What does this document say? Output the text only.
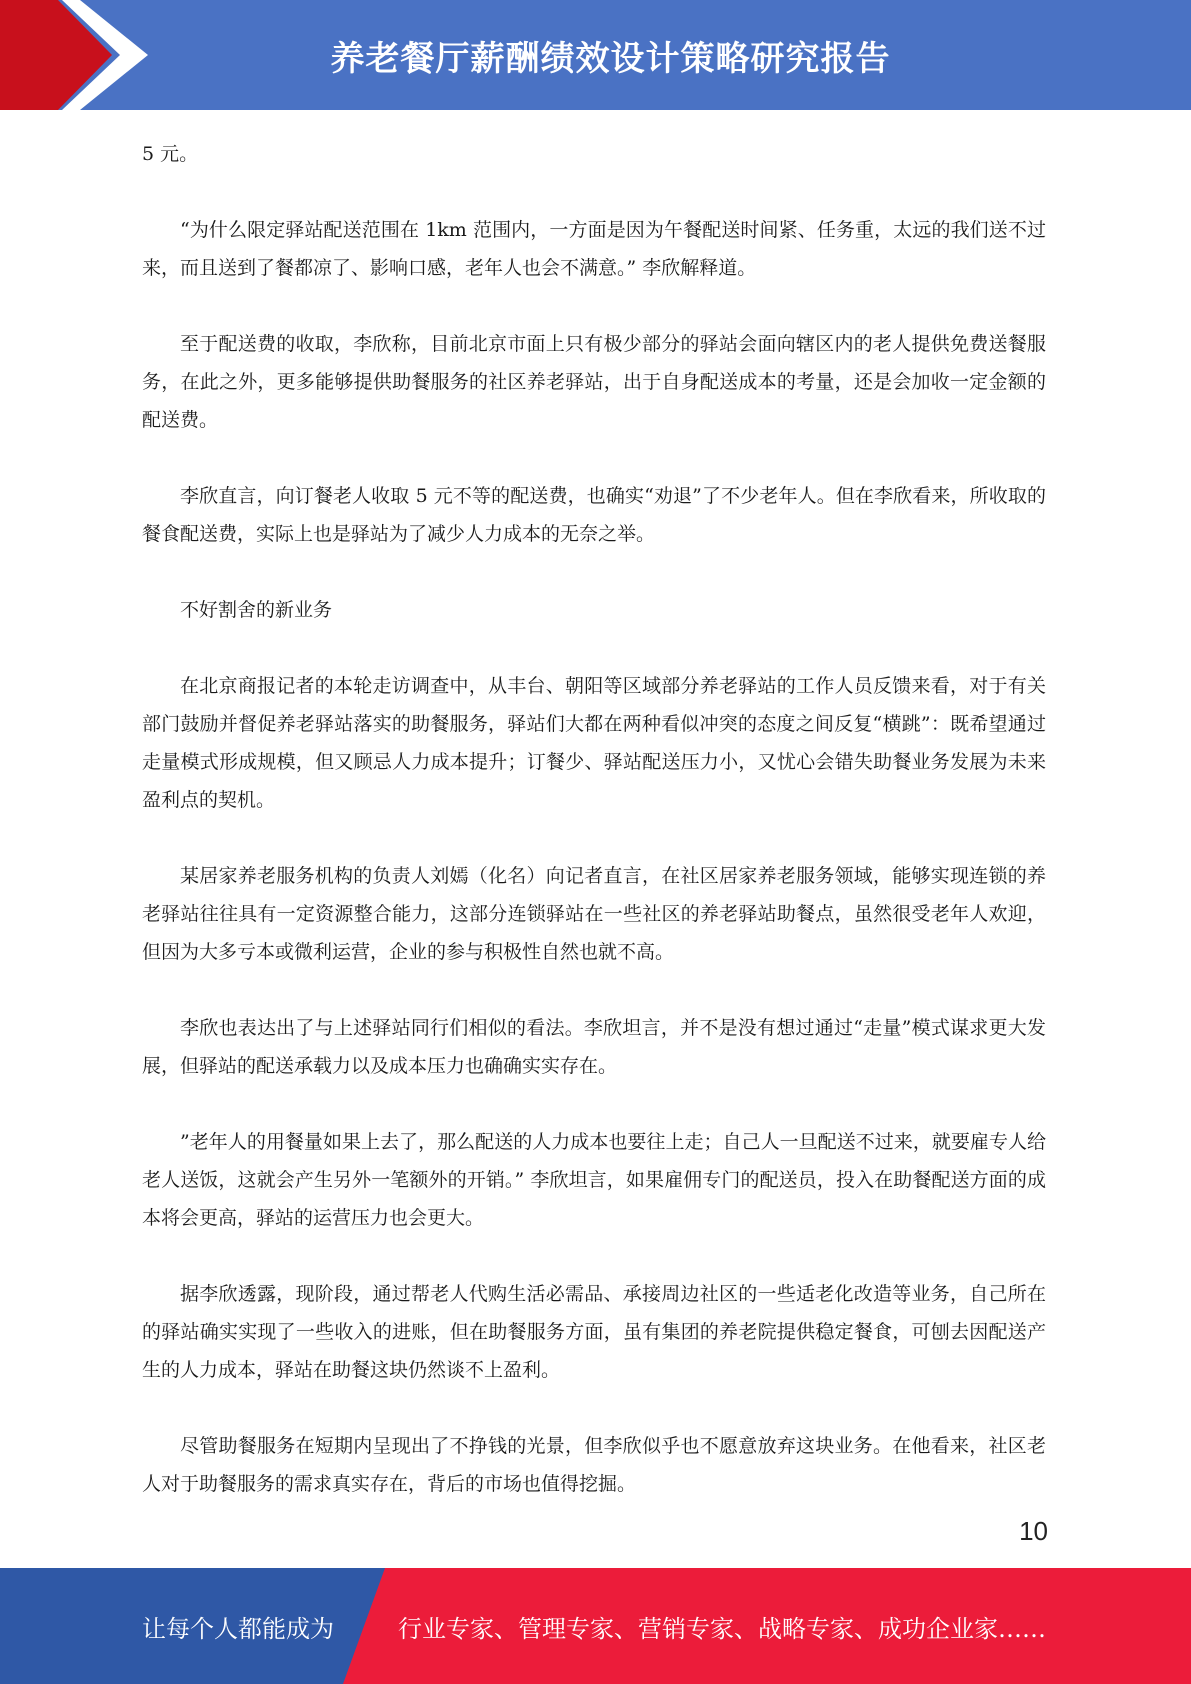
养老餐厅薪酬绩效设计策略研究报告

5 元。

“为什么限定驿站配送范围在 1km 范围内，一方面是因为午餐配送时间紧、任务重，太远的我们送不过来，而且送到了餐都凉了、影响口感，老年人也会不满意。” 李欣解释道。

至于配送费的收取，李欣称，目前北京市面上只有极少部分的驿站会面向辖区内的老人提供免费送餐服务，在此之外，更多能够提供助餐服务的社区养老驿站，出于自身配送成本的考量，还是会加收一定金额的配送费。

李欣直言，向订餐老人收取 5 元不等的配送费，也确实“劝退”了不少老年人。但在李欣看来，所收取的餐食配送费，实际上也是驿站为了减少人力成本的无奈之举。

不好割舍的新业务

在北京商报记者的本轮走访调查中，从丰台、朝阳等区域部分养老驿站的工作人员反馈来看，对于有关部门鼓励并督促养老驿站落实的助餐服务，驿站们大都在两种看似冲突的态度之间反复“横跳”：既希望通过走量模式形成规模，但又顾忌人力成本提升；订餐少、驿站配送压力小，又忧心会错失助餐业务发展为未来盈利点的契机。

某居家养老服务机构的负责人刘嫣（化名）向记者直言，在社区居家养老服务领域，能够实现连锁的养老驿站往往具有一定资源整合能力，这部分连锁驿站在一些社区的养老驿站助餐点，虽然很受老年人欢迎，但因为大多亏本或微利运营，企业的参与积极性自然也就不高。

李欣也表达出了与上述驿站同行们相似的看法。李欣坦言，并不是没有想过通过“走量”模式谋求更大发展，但驿站的配送承载力以及成本压力也确确实实存在。

”老年人的用餐量如果上去了，那么配送的人力成本也要往上走；自己人一旦配送不过来，就要雇专人给老人送饭，这就会产生另外一笔额外的开销。” 李欣坦言，如果雇佣专门的配送员，投入在助餐配送方面的成本将会更高，驿站的运营压力也会更大。

据李欣透露，现阶段，通过帮老人代购生活必需品、承接周边社区的一些适老化改造等业务，自己所在的驿站确实实现了一些收入的进账，但在助餐服务方面，虽有集团的养老院提供稳定餐食，可刨去因配送产生的人力成本，驿站在助餐这块仍然谈不上盈利。

尽管助餐服务在短期内呈现出了不挣钱的光景，但李欣似乎也不愿意放弃这块业务。在他看来，社区老人对于助餐服务的需求真实存在，背后的市场也值得挖掘。

10
让每个人都能成为	行业专家、管理专家、营销专家、战略专家、成功企业家……
